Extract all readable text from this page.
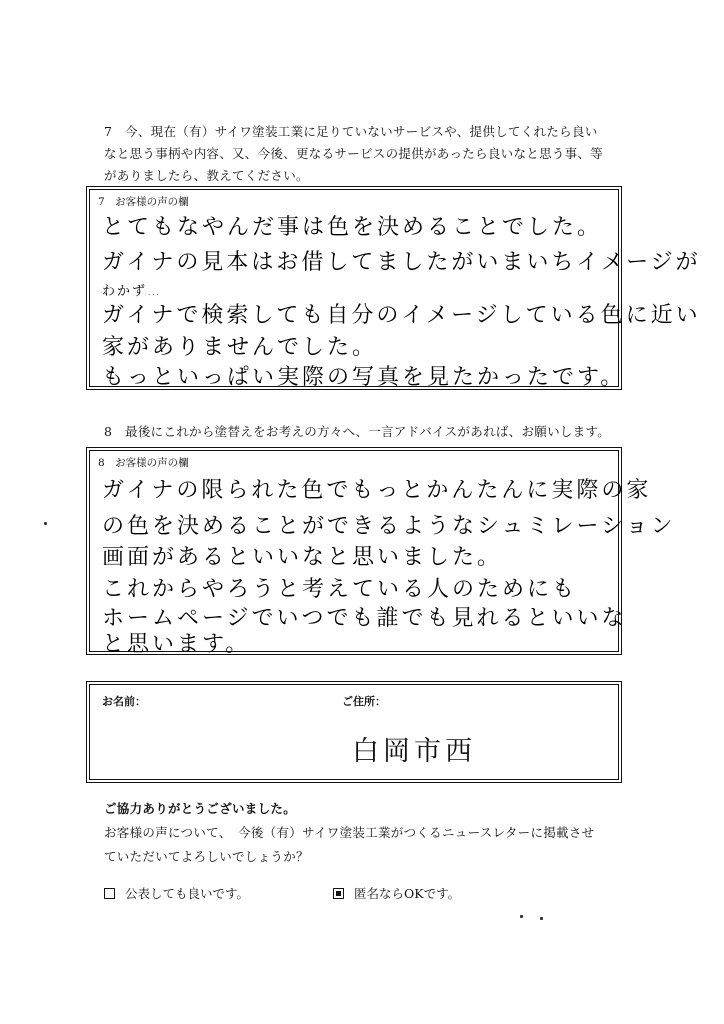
7　今、現在（有）サイワ塗装工業に足りていないサービスや、提供してくれたら良い
なと思う事柄や内容、又、今後、更なるサービスの提供があったら良いなと思う事、等
がありましたら、教えてください。
7　お客様の声の欄
とてもなやんだ事は色を決めることでした。
ガイナの見本はお借してましたがいまいちイメージが
わかず…
ガイナで検索しても自分のイメージしている色に近い
家がありませんでした。
もっといっぱい実際の写真を見たかったです。
8　最後にこれから塗替えをお考えの方々へ、一言アドバイスがあれば、お願いします。
8　お客様の声の欄
ガイナの限られた色でもっとかんたんに実際の家
の色を決めることができるようなシュミレーション
画面があるといいなと思いました。
これからやろうと考えている人のためにも
ホームページでいつでも誰でも見れるといいな
と思います。
お名前：	ご住所：
白岡市西
ご協力ありがとうございました。
お客様の声について、　今後（有）サイワ塗装工業がつくるニュースレターに掲載させ
ていただいてよろしいでしょうか？
公表しても良いです。	匿名ならOKです。
